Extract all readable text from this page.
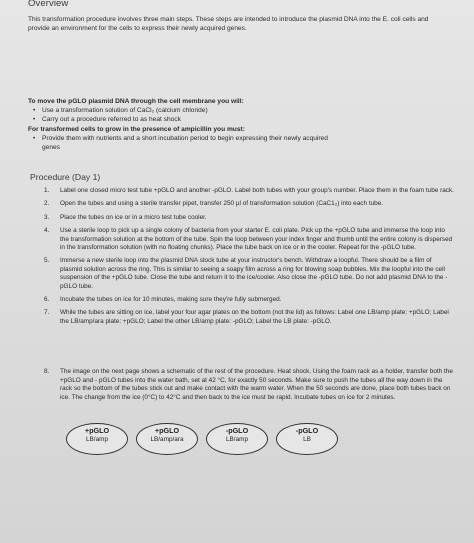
Overview
This transformation procedure involves three main steps. These steps are intended to introduce the plasmid DNA into the E. coli cells and provide an environment for the cells to express their newly acquired genes.
To move the pGLO plasmid DNA through the cell membrane you will:
• Use a transformation solution of CaCl₂ (calcium chloride)
• Carry out a procedure referred to as heat shock
For transformed cells to grow in the presence of ampicillin you must:
• Provide them with nutrients and a short incubation period to begin expressing their newly acquired
genes
Procedure (Day 1)
1. Label one closed micro test tube +pGLO and another -pGLO. Label both tubes with your group's number. Place them in the foam tube rack.
2. Open the tubes and using a sterile transfer pipet, transfer 250 µl of transformation solution (CaC1₂) into each tube.
3. Place the tubes on ice or in a micro test tube cooler.
4. Use a sterile loop to pick up a single colony of bacteria from your starter E. coli plate. Pick up the +pGLO tube and immerse the loop into the transformation solution at the bottom of the tube. Spin the loop between your index finger and thumb until the entire colony is dispersed in the transformation solution (with no floating chunks). Place the tube back on ice or in the cooler. Repeat for the -pGLO tube.
5. Immerse a new sterile loop into the plasmid DNA stock tube at your instructor's bench. Withdraw a loopful. There should be a film of plasmid solution across the ring. This is similar to seeing a soapy film across a ring for blowing soap bubbles. Mix the loopful into the cell suspension of the +pGLO tube. Close the tube and return it to the ice/cooler. Also close the -pGLO tube. Do not add plasmid DNA to the -pGLO tube.
6. Incubate the tubes on ice for 10 minutes, making sure they're fully submerged.
7. While the tubes are sitting on ice, label your four agar plates on the bottom (not the lid) as follows: Label one LB/amp plate: +pGLO; Label the LB/amp/ara plate: +pGLO; Label the other LB/amp plate: -pGLO; Label the LB plate: -pGLO.
8. The image on the next page shows a schematic of the rest of the procedure. Heat shock. Using the foam rack as a holder, transfer both the +pGLO and - pGLO tubes into the water bath, set at 42 °C, for exactly 50 seconds. Make sure to push the tubes all the way down in the rack so the bottom of the tubes stick out and make contact with the warm water. When the 50 seconds are done, place both tubes back on ice. The change from the ice (0°C) to 42°C and then back to the ice must be rapid. Incubate tubes on ice for 2 minutes.
+pGLO
LB/amp
+pGLO
LB/amp/ara
-pGLO
LB/amp
-pGLO
LB
